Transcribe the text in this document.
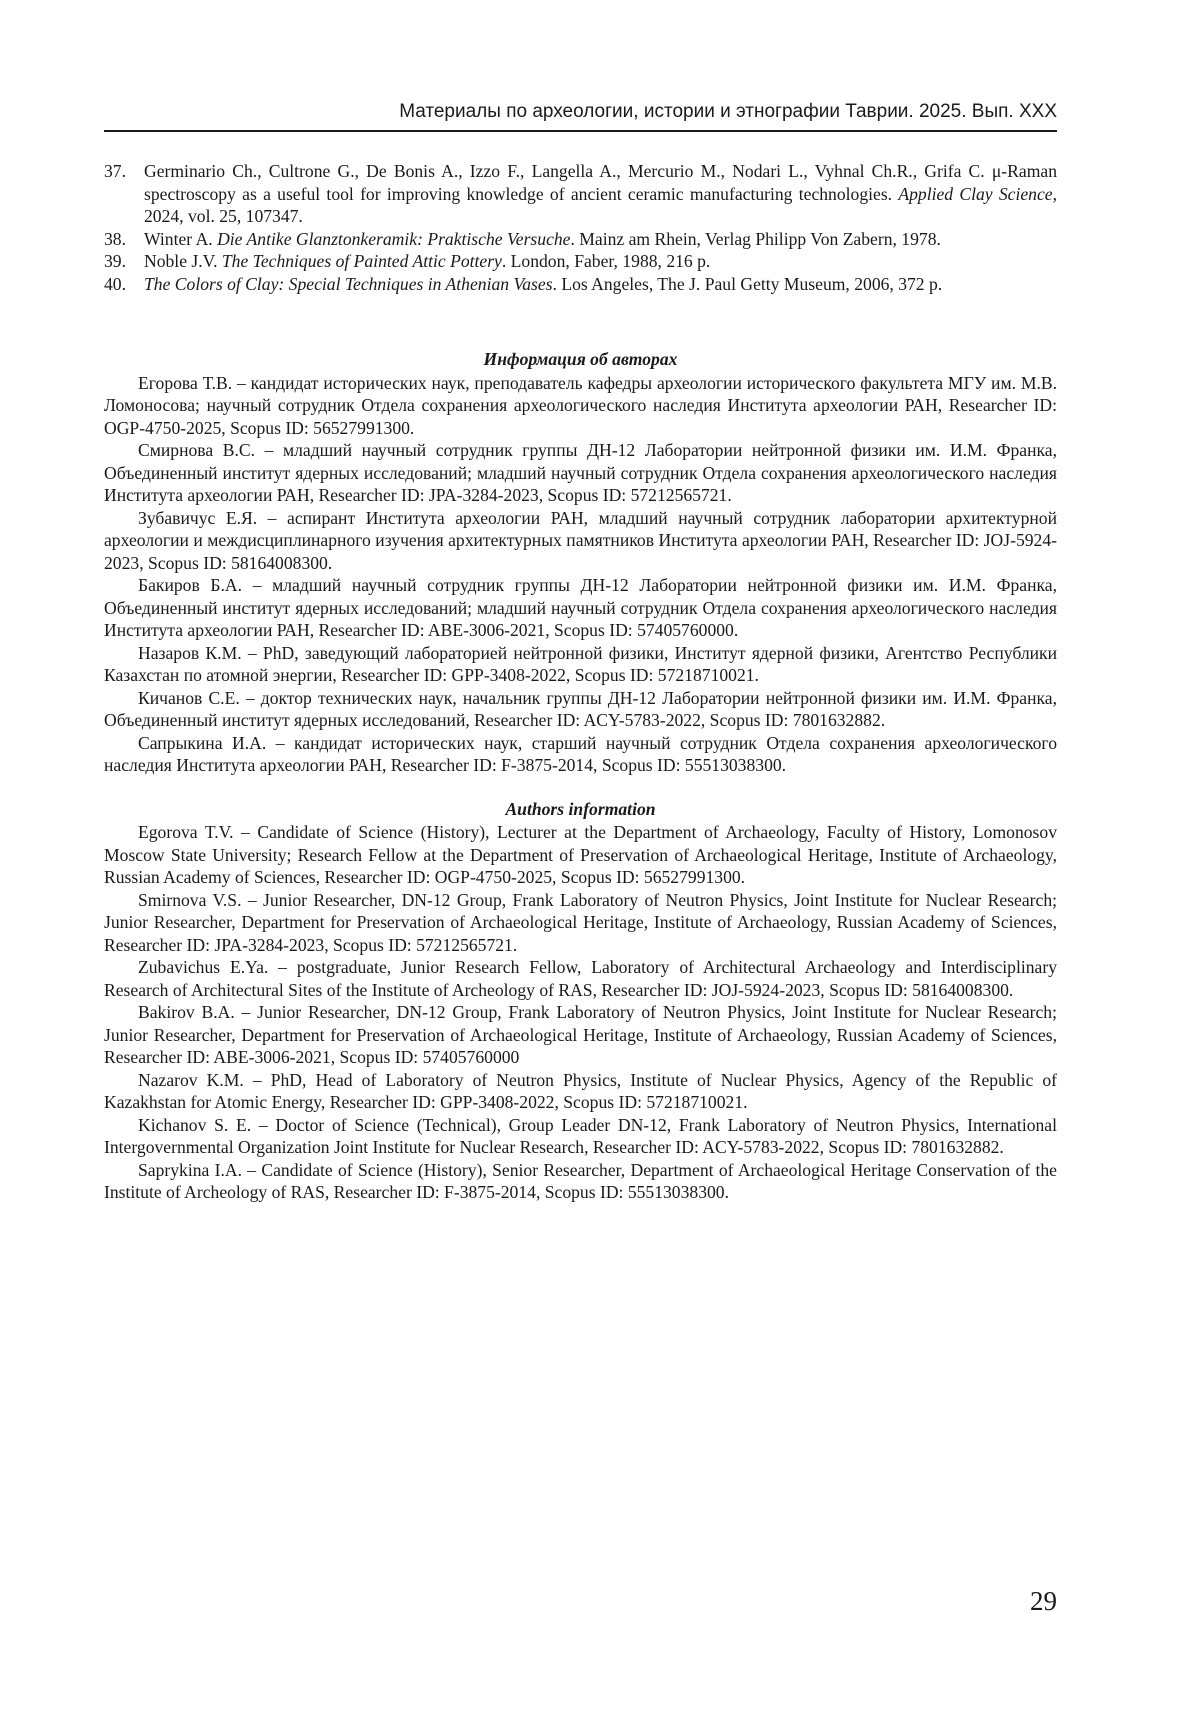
Материалы по археологии, истории и этнографии Таврии. 2025. Вып. XXX
37. Germinario Ch., Cultrone G., De Bonis A., Izzo F., Langella A., Mercurio M., Nodari L., Vyhnal Ch.R., Grifa C. μ-Raman spectroscopy as a useful tool for improving knowledge of ancient ceramic manufacturing technologies. Applied Clay Science, 2024, vol. 25, 107347.
38. Winter A. Die Antike Glanztonkeramik: Praktische Versuche. Mainz am Rhein, Verlag Philipp Von Zabern, 1978.
39. Noble J.V. The Techniques of Painted Attic Pottery. London, Faber, 1988, 216 p.
40. The Colors of Clay: Special Techniques in Athenian Vases. Los Angeles, The J. Paul Getty Museum, 2006, 372 p.
Информация об авторах

Егорова Т.В. – кандидат исторических наук, преподаватель кафедры археологии исторического факультета МГУ им. М.В. Ломоносова; научный сотрудник Отдела сохранения археологического наследия Института археологии РАН, Researcher ID: OGP-4750-2025, Scopus ID: 56527991300.

Смирнова В.С. – младший научный сотрудник группы ДН-12 Лаборатории нейтронной физики им. И.М. Франка, Объединенный институт ядерных исследований; младший научный сотрудник Отдела сохранения археологического наследия Института археологии РАН, Researcher ID: JPA-3284-2023, Scopus ID: 57212565721.

Зубавичус Е.Я. – аспирант Института археологии РАН, младший научный сотрудник лаборатории архитектурной археологии и междисциплинарного изучения архитектурных памятников Института археологии РАН, Researcher ID: JOJ-5924-2023, Scopus ID: 58164008300.

Бакиров Б.А. – младший научный сотрудник группы ДН-12 Лаборатории нейтронной физики им. И.М. Франка, Объединенный институт ядерных исследований; младший научный сотрудник Отдела сохранения археологического наследия Института археологии РАН, Researcher ID: ABE-3006-2021, Scopus ID: 57405760000.

Назаров К.М. – PhD, заведующий лабораторией нейтронной физики, Институт ядерной физики, Агентство Республики Казахстан по атомной энергии, Researcher ID: GPP-3408-2022, Scopus ID: 57218710021.

Кичанов С.Е. – доктор технических наук, начальник группы ДН-12 Лаборатории нейтронной физики им. И.М. Франка, Объединенный институт ядерных исследований, Researcher ID: ACY-5783-2022, Scopus ID: 7801632882.

Сапрыкина И.А. – кандидат исторических наук, старший научный сотрудник Отдела сохранения археологического наследия Института археологии РАН, Researcher ID: F-3875-2014, Scopus ID: 55513038300.

Authors information

Egorova T.V. – Candidate of Science (History), Lecturer at the Department of Archaeology, Faculty of History, Lomonosov Moscow State University; Research Fellow at the Department of Preservation of Archaeological Heritage, Institute of Archaeology, Russian Academy of Sciences, Researcher ID: OGP-4750-2025, Scopus ID: 56527991300.

Smirnova V.S. – Junior Researcher, DN-12 Group, Frank Laboratory of Neutron Physics, Joint Institute for Nuclear Research; Junior Researcher, Department for Preservation of Archaeological Heritage, Institute of Archaeology, Russian Academy of Sciences, Researcher ID: JPA-3284-2023, Scopus ID: 57212565721.

Zubavichus E.Ya. – postgraduate, Junior Research Fellow, Laboratory of Architectural Archaeology and Interdisciplinary Research of Architectural Sites of the Institute of Archeology of RAS, Researcher ID: JOJ-5924-2023, Scopus ID: 58164008300.

Bakirov B.A. – Junior Researcher, DN-12 Group, Frank Laboratory of Neutron Physics, Joint Institute for Nuclear Research; Junior Researcher, Department for Preservation of Archaeological Heritage, Institute of Archaeology, Russian Academy of Sciences, Researcher ID: ABE-3006-2021, Scopus ID: 57405760000

Nazarov K.M. – PhD, Head of Laboratory of Neutron Physics, Institute of Nuclear Physics, Agency of the Republic of Kazakhstan for Atomic Energy, Researcher ID: GPP-3408-2022, Scopus ID: 57218710021.

Kichanov S. E. – Doctor of Science (Technical), Group Leader DN-12, Frank Laboratory of Neutron Physics, International Intergovernmental Organization Joint Institute for Nuclear Research, Researcher ID: ACY-5783-2022, Scopus ID: 7801632882.

Saprykina I.A. – Candidate of Science (History), Senior Researcher, Department of Archaeological Heritage Conservation of the Institute of Archeology of RAS, Researcher ID: F-3875-2014, Scopus ID: 55513038300.

29
